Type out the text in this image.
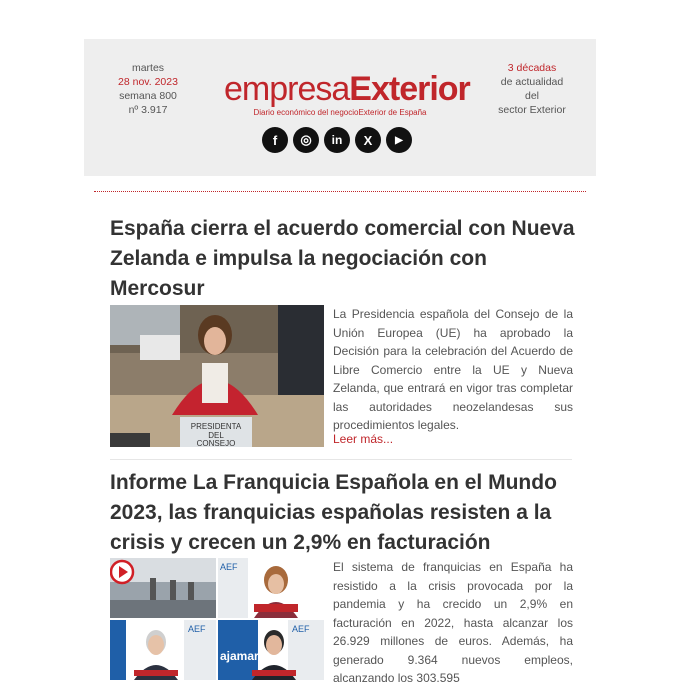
martes
28 nov. 2023
semana 800
nº 3.917
empresaExterior
Diario económico del negocioExterior de España
3 décadas
de actualidad
del
sector Exterior
f	◎	in	X	▶
España cierra el acuerdo comercial con Nueva Zelanda e impulsa la negociación con Mercosur
PRESIDENTA
DEL
CONSEJO

La Presidencia española del Consejo de la Unión Europea (UE) ha aprobado la Decisión para la celebración del Acuerdo de Libre Comercio entre la UE y Nueva Zelanda, que entrará en vigor tras completar las autoridades neozelandesas sus procedimientos legales.

Leer más...
Informe La Franquicia Española en el Mundo 2023, las franquicias españolas resisten a la crisis y crecen un 2,9% en facturación
AEF
AEF
ajamar
AEF

El sistema de franquicias en España ha resistido a la crisis provocada por la pandemia y ha crecido un 2,9% en facturación en 2022, hasta alcanzar los 26.929 millones de euros. Además, ha generado 9.364 nuevos empleos, alcanzando los 303.595
